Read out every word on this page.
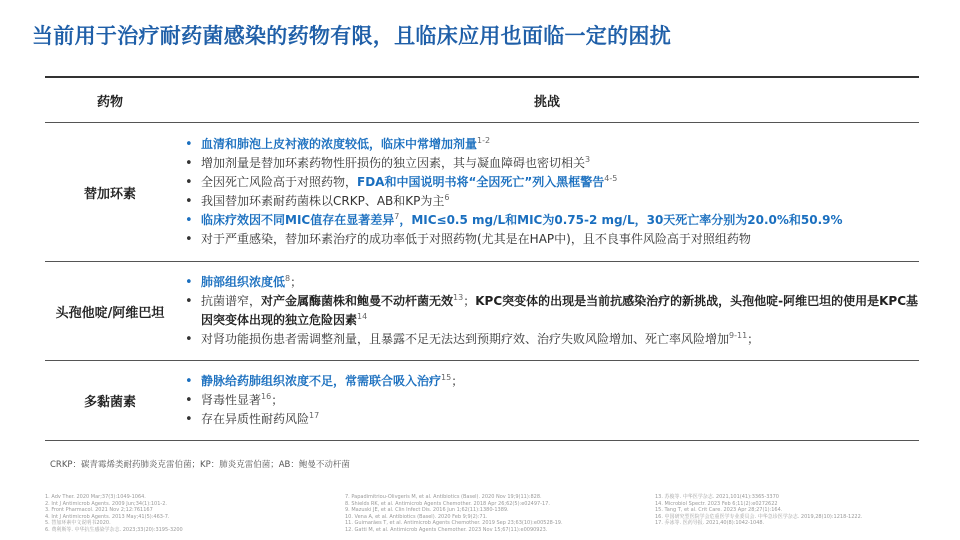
当前用于治疗耐药菌感染的药物有限，且临床应用也面临一定的困扰
药物	挑战
替加环素
• 血清和肺泡上皮衬液的浓度较低，临床中常增加剂量$^{1-2}$
• 增加剂量是替加环素药物性肝损伤的独立因素，其与凝血障碍也密切相关$^3$
• 全因死亡风险高于对照药物，FDA和中国说明书将“全因死亡”列入黑框警告$^{4-5}$
• 我国替加环素耐药菌株以CRKP、AB和KP为主$^6$
• 临床疗效因不同MIC值存在显著差异$^7$，MIC≤0.5 mg/L和MIC为0.75-2 mg/L，30天死亡率分别为20.0%和50.9%
• 对于严重感染，替加环素治疗的成功率低于对照药物(尤其是在HAP中)，且不良事件风险高于对照组药物
头孢他啶/阿维巴坦
• 肺部组织浓度低$^8$；
• 抗菌谱窄，对产金属酶菌株和鲍曼不动杆菌无效$^{13}$；KPC突变体的出现是当前抗感染治疗的新挑战，头孢他啶-阿维巴坦的使用是KPC基因突变体出现的独立危险因素$^{14}$
• 对肾功能损伤患者需调整剂量，且暴露不足无法达到预期疗效、治疗失败风险增加、死亡率风险增加$^{9-11}$；
多黏菌素
• 静脉给药肺组织浓度不足，常需联合吸入治疗$^{15}$；
• 肾毒性显著$^{16}$；
• 存在异质性耐药风险$^{17}$
CRKP：碳青霉烯类耐药肺炎克雷伯菌；KP：肺炎克雷伯菌；AB：鲍曼不动杆菌
1. Adv Ther. 2020 Mar;37(3):1049-1064.
2. Int J Antimicrob Agents. 2009 Jun;34(1):101-2.
3. Front Pharmacol. 2021 Nov 2;12:761167
4. Int J Antimicrob Agents. 2013 May;41(5):463-7.
5. 替加环素中文说明书2020.
6. 费利斯等. 中华抗生感染学杂志. 2023;33(20):3195-3200
7. Papadimitriou-Olivgeris M, et al. Antibiotics (Basel). 2020 Nov 19;9(11):828.
8. Shields RK, et al. Antimicrob Agents Chemother. 2018 Apr 26;62(5):e02497-17.
9. Mazuski JE, et al. Clin Infect Dis. 2016 Jun 1;62(11):1380-1389.
10. Vena A, et al. Antibiotics (Basel). 2020 Feb 9;9(2):71.
11. Guimarães T, et al. Antimicrob Agents Chemother. 2019 Sep 23;63(10):e00528-19.
12. Gatti M, et al. Antimicrob Agents Chemother. 2023 Nov 15;67(11):e0090923.
13. 苏俊等. 中华医学杂志. 2021,101(41):3365-3370
14. Microbiol Spectr. 2023 Feb 6;11(2):e0272622
15. Tang T, et al. Crit Care. 2023 Apr 28;27(1):164.
16. 中国研究型医院学会危重医学专业委员会. 中华急诊医学杂志. 2019,28(10):1218-1222.
17. 乔冰等. 医药导报. 2021,40(8):1042-1048.
